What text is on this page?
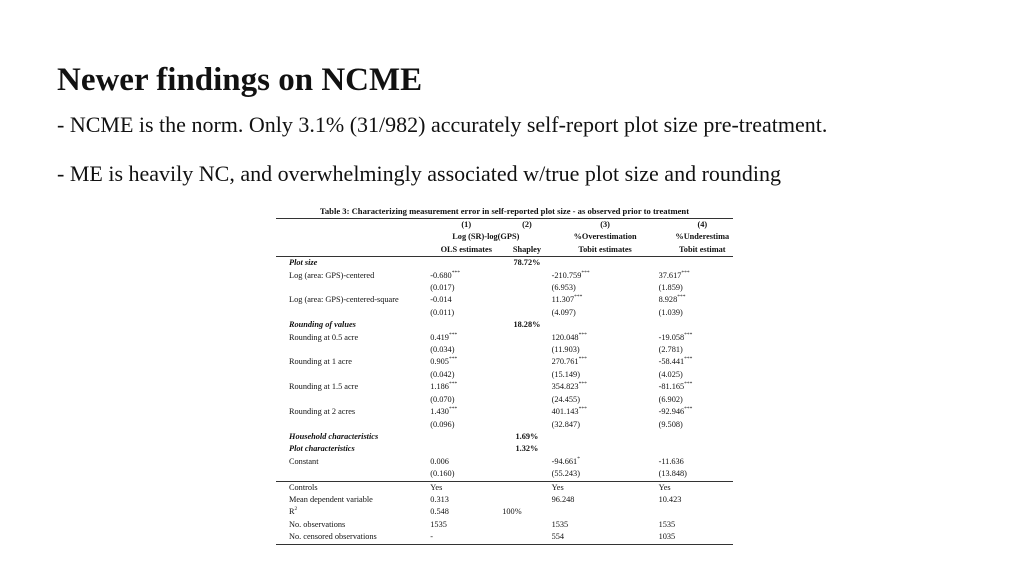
Newer findings on NCME
- NCME is the norm. Only 3.1% (31/982) accurately self-report plot size pre-treatment.
- ME is heavily NC, and overwhelmingly associated w/true plot size and rounding
Table 3: Characterizing measurement error in self-reported plot size - as observed prior to treatment
	(1)	(2)	(3)	(4)
	Log (SR)-log(GPS)		%Overestimation	%Underestima
	OLS estimates	Shapley	Tobit estimates	Tobit estimat
Plot size		78.72%		
Log (area: GPS)-centered	-0.680***		-210.759***	37.617***
	(0.017)		(6.953)	(1.859)
Log (area: GPS)-centered-square	-0.014		11.307***	8.928***
	(0.011)		(4.097)	(1.039)
Rounding of values		18.28%		
Rounding at 0.5 acre	0.419***		120.048***	-19.058***
	(0.034)		(11.903)	(2.781)
Rounding at 1 acre	0.905***		270.761***	-58.441***
	(0.042)		(15.149)	(4.025)
Rounding at 1.5 acre	1.186***		354.823***	-81.165***
	(0.070)		(24.455)	(6.902)
Rounding at 2 acres	1.430***		401.143***	-92.946***
	(0.096)		(32.847)	(9.508)
Household characteristics		1.69%		
Plot characteristics		1.32%		
Constant	0.006		-94.661*	-11.636
	(0.160)		(55.243)	(13.848)
Controls	Yes		Yes	Yes
Mean dependent variable	0.313		96.248	10.423
$R^2$	0.548	100%		
No. observations	1535		1535	1535
No. censored observations	-		554	1035
